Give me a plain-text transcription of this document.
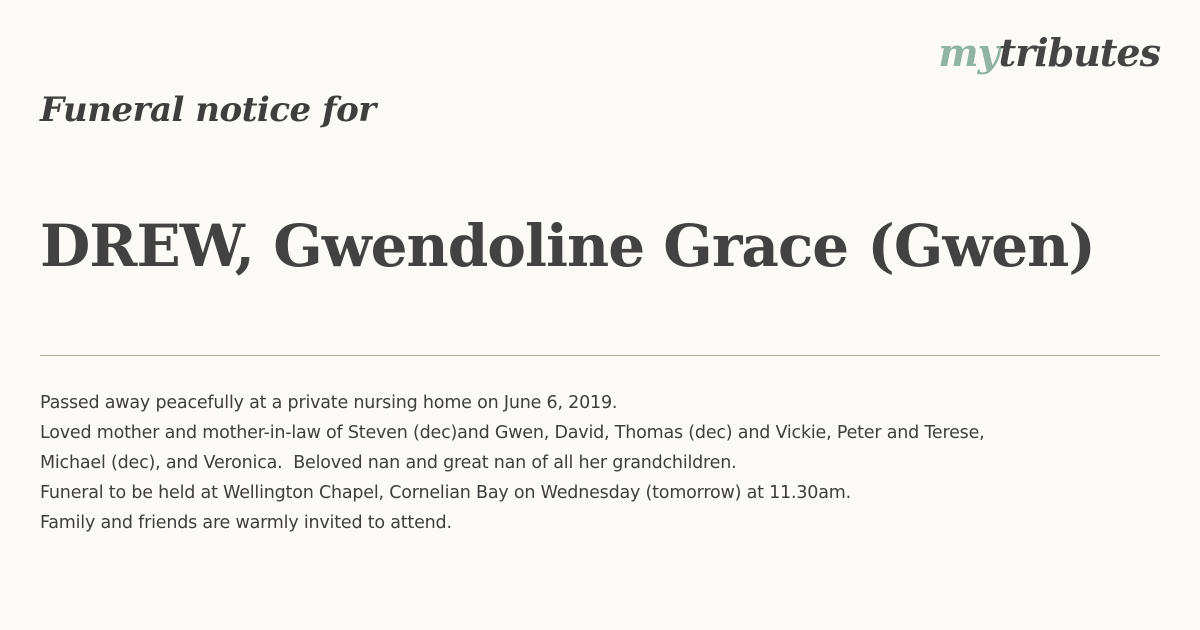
mytributes
Funeral notice for
DREW, Gwendoline Grace (Gwen)

Passed away peacefully at a private nursing home on June 6, 2019.

Loved mother and mother-in-law of Steven (dec)and Gwen, David, Thomas (dec) and Vickie, Peter and Terese,

Michael (dec), and Veronica.  Beloved nan and great nan of all her grandchildren.

Funeral to be held at Wellington Chapel, Cornelian Bay on Wednesday (tomorrow) at 11.30am.

Family and friends are warmly invited to attend.
